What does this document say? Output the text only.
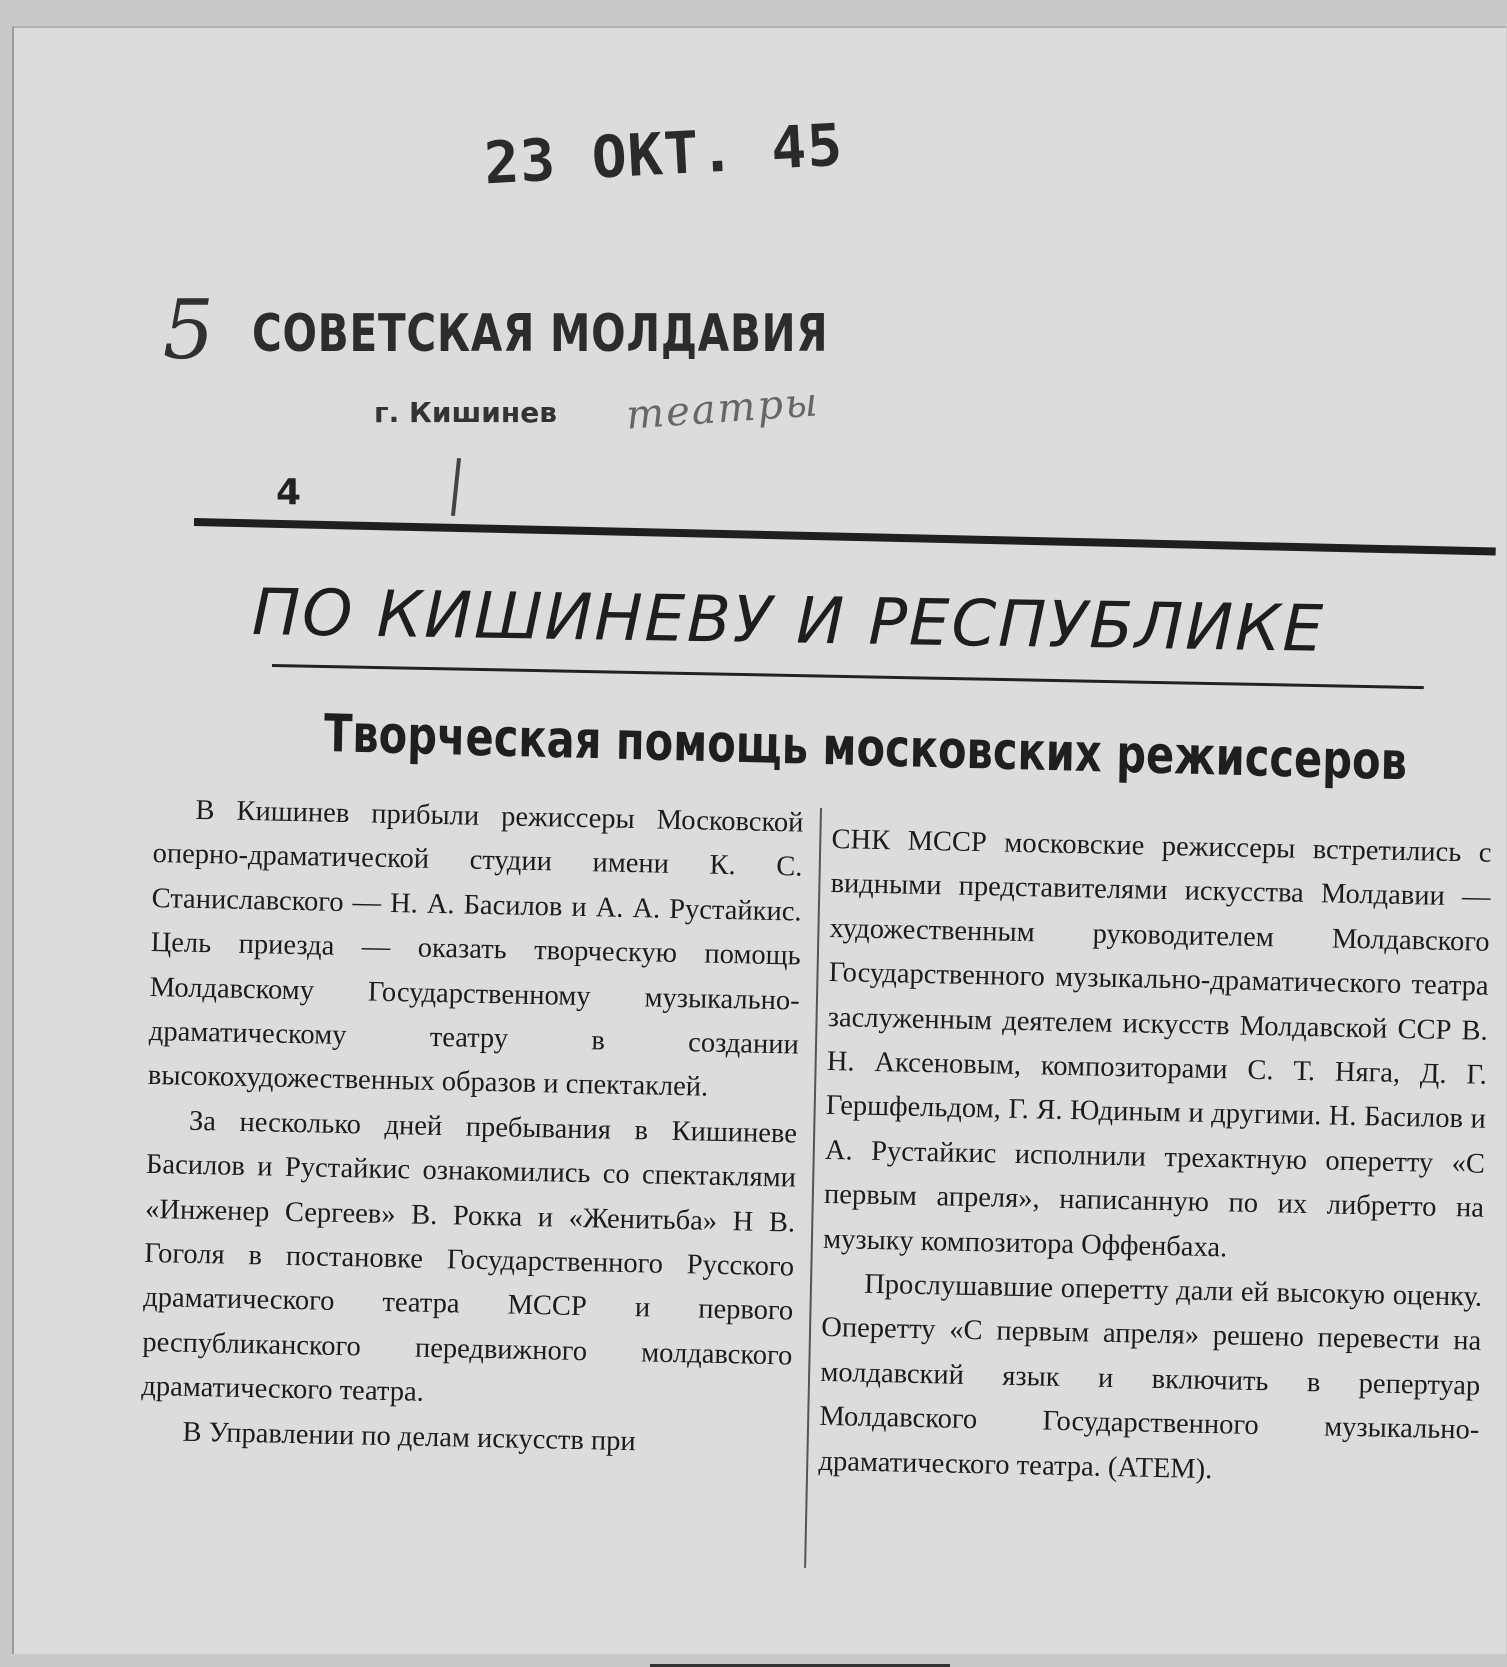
23 ОКТ. 45
5 СОВЕТСКАЯ МОЛДАВИЯ
г. Кишинев театры
4
ПО КИШИНЕВУ И РЕСПУБЛИКЕ
Творческая помощь московских режиссеров

В Кишинев прибыли режиссеры Московской оперно-драматической студии имени К. С. Станиславского — Н. А. Басилов и А. А. Рустайкис. Цель приезда — оказать творческую помощь Молдавскому Государственному музыкально-драматическому театру в создании высокохудожественных образов и спектаклей.

За несколько дней пребывания в Кишиневе Басилов и Рустайкис ознакомились со спектаклями «Инженер Сергеев» В. Рокка и «Женитьба» Н В. Гоголя в постановке Государственного Русского драматического театра МССР и первого республиканского передвижного молдавского драматического театра.

В Управлении по делам искусств при

СНК МССР московские режиссеры встретились с видными представителями искусства Молдавии — художественным руководителем Молдавского Государственного музыкально-драматического театра заслуженным деятелем искусств Молдавской ССР В. Н. Аксеновым, композиторами С. Т. Няга, Д. Г. Гершфельдом, Г. Я. Юдиным и другими. Н. Басилов и А. Рустайкис исполнили трехактную оперетту «С первым апреля», написанную по их либретто на музыку композитора Оффенбаха.

Прослушавшие оперетту дали ей высокую оценку. Оперетту «С первым апреля» решено перевести на молдавский язык и включить в репертуар Молдавского Государственного музыкально-драматического театра. (АТЕМ).
